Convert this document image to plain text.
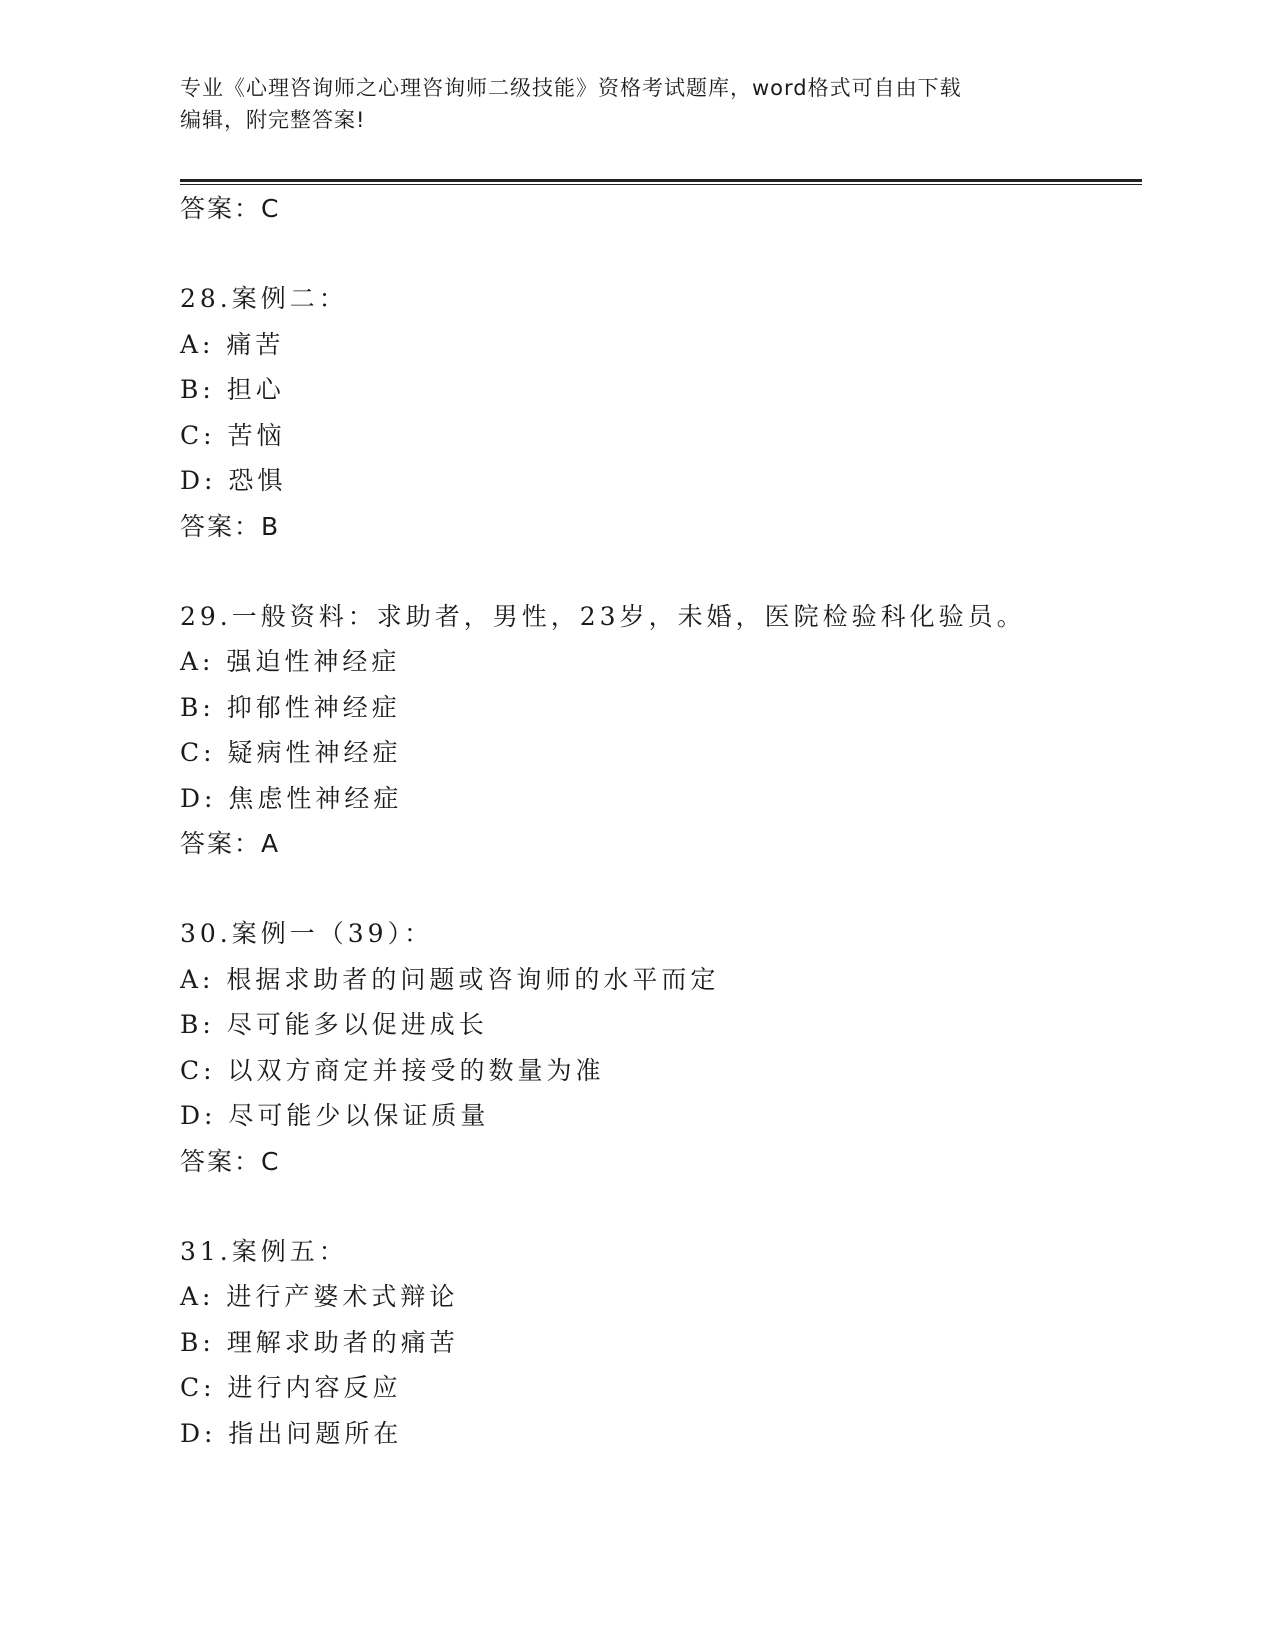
专业《心理咨询师之心理咨询师二级技能》资格考试题库，word格式可自由下载
编辑，附完整答案!
答案：C
28.案例二：
A: 痛苦
B: 担心
C: 苦恼
D: 恐惧
答案：B
29.一般资料：求助者，男性，23岁，未婚，医院检验科化验员。
A: 强迫性神经症
B: 抑郁性神经症
C: 疑病性神经症
D: 焦虑性神经症
答案：A
30.案例一（39）：
A: 根据求助者的问题或咨询师的水平而定
B: 尽可能多以促进成长
C: 以双方商定并接受的数量为准
D: 尽可能少以保证质量
答案：C
31.案例五：
A: 进行产婆术式辩论
B: 理解求助者的痛苦
C: 进行内容反应
D: 指出问题所在
